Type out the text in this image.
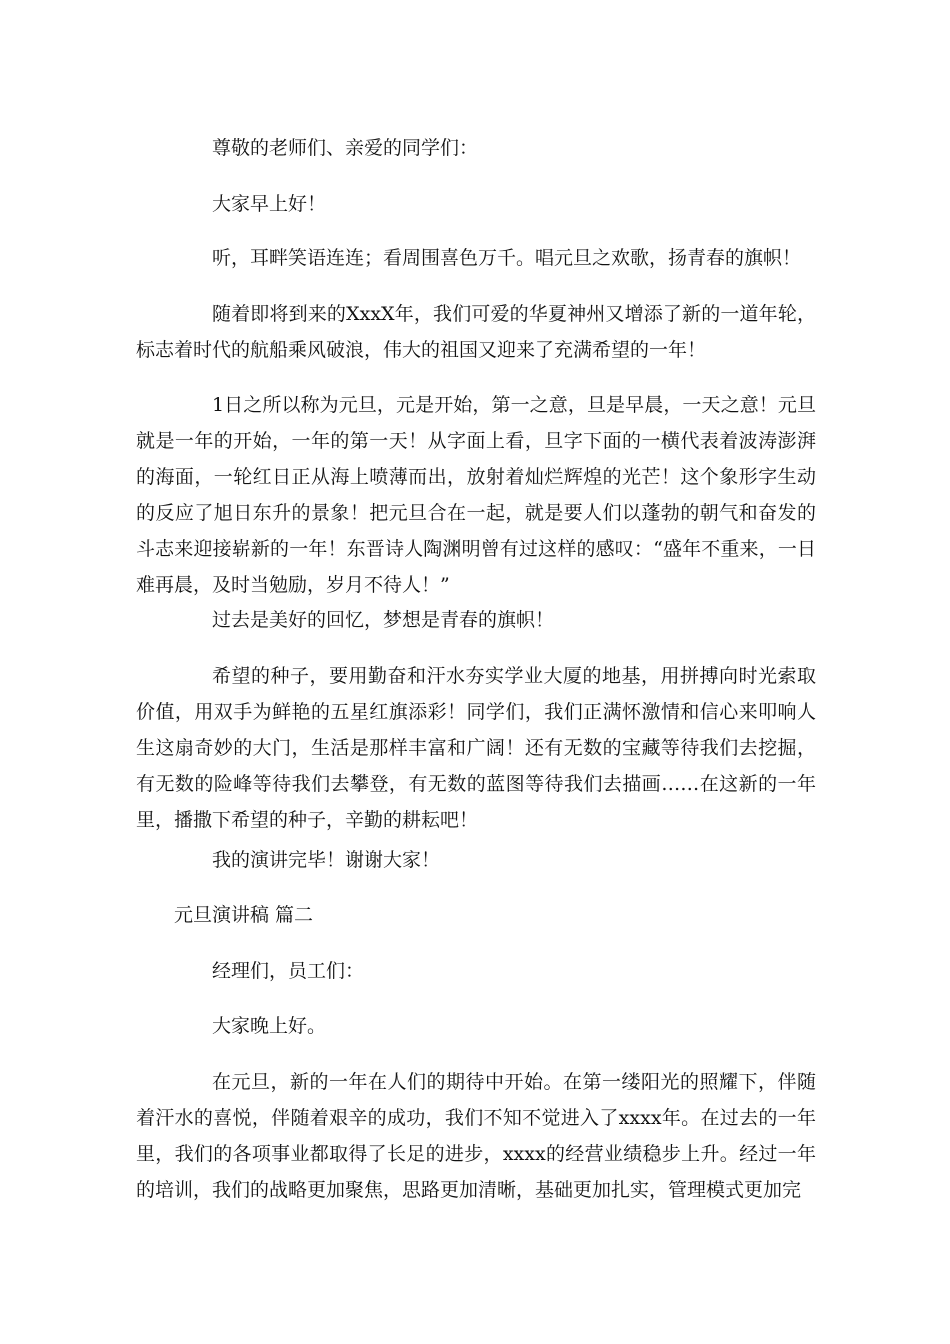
尊敬的老师们、亲爱的同学们：

大家早上好！

听，耳畔笑语连连；看周围喜色万千。唱元旦之欢歌，扬青春的旗帜！

随着即将到来的XxxX年，我们可爱的华夏神州又增添了新的一道年轮，标志着时代的航船乘风破浪，伟大的祖国又迎来了充满希望的一年！

1日之所以称为元旦，元是开始，第一之意，旦是早晨，一天之意！元旦就是一年的开始，一年的第一天！从字面上看，旦字下面的一横代表着波涛澎湃的海面，一轮红日正从海上喷薄而出，放射着灿烂辉煌的光芒！这个象形字生动的反应了旭日东升的景象！把元旦合在一起，就是要人们以蓬勃的朝气和奋发的斗志来迎接崭新的一年！东晋诗人陶渊明曾有过这样的感叹：“盛年不重来，一日难再晨，及时当勉励，岁月不待人！”

过去是美好的回忆，梦想是青春的旗帜！

希望的种子，要用勤奋和汗水夯实学业大厦的地基，用拼搏向时光索取价值，用双手为鲜艳的五星红旗添彩！同学们，我们正满怀激情和信心来叩响人生这扇奇妙的大门，生活是那样丰富和广阔！还有无数的宝藏等待我们去挖掘，有无数的险峰等待我们去攀登，有无数的蓝图等待我们去描画……在这新的一年里，播撒下希望的种子，辛勤的耕耘吧！

我的演讲完毕！谢谢大家！

元旦演讲稿 篇二

经理们，员工们：

大家晚上好。

在元旦，新的一年在人们的期待中开始。在第一缕阳光的照耀下，伴随着汗水的喜悦，伴随着艰辛的成功，我们不知不觉进入了xxxx年。在过去的一年里，我们的各项事业都取得了长足的进步，xxxx的经营业绩稳步上升。经过一年的培训，我们的战略更加聚焦，思路更加清晰，基础更加扎实，管理模式更加完
